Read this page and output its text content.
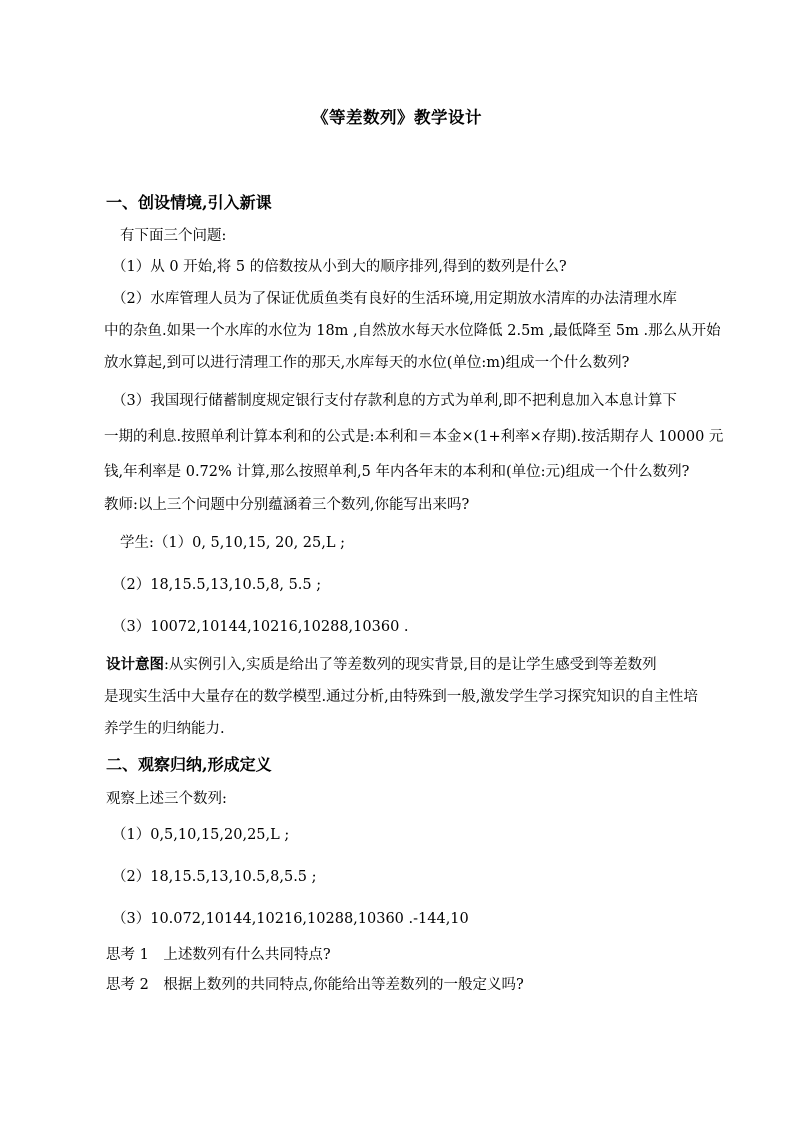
《等差数列》教学设计
一、创设情境,引入新课
有下面三个问题:
（1）从 0 开始,将 5 的倍数按从小到大的顺序排列,得到的数列是什么?
（2）水库管理人员为了保证优质鱼类有良好的生活环境,用定期放水清库的办法清理水库
中的杂鱼.如果一个水库的水位为 18m ,自然放水每天水位降低 2.5m ,最低降至 5m .那么从开始
放水算起,到可以进行清理工作的那天,水库每天的水位(单位:m)组成一个什么数列?
（3）我国现行储蓄制度规定银行支付存款利息的方式为单利,即不把利息加入本息计算下
一期的利息.按照单利计算本利和的公式是:本利和＝本金×(1+利率×存期).按活期存人 10000 元
钱,年利率是 0.72% 计算,那么按照单利,5 年内各年末的本利和(单位:元)组成一个什么数列?
教师:以上三个问题中分别蕴涵着三个数列,你能写出来吗?
学生:（1）0, 5,10,15, 20, 25,L ;
（2）18,15.5,13,10.5,8, 5.5 ;
（3）10072,10144,10216,10288,10360 .
设计意图:从实例引入,实质是给出了等差数列的现实背景,目的是让学生感受到等差数列
是现实生活中大量存在的数学模型.通过分析,由特殊到一般,激发学生学习探究知识的自主性培
养学生的归纳能力.
二、观察归纳,形成定义
观察上述三个数列:
（1）0,5,10,15,20,25,L ;
（2）18,15.5,13,10.5,8,5.5 ;
（3）10.072,10144,10216,10288,10360 .-144,10
思考 1　上述数列有什么共同特点?
思考 2　根据上数列的共同特点,你能给出等差数列的一般定义吗?
